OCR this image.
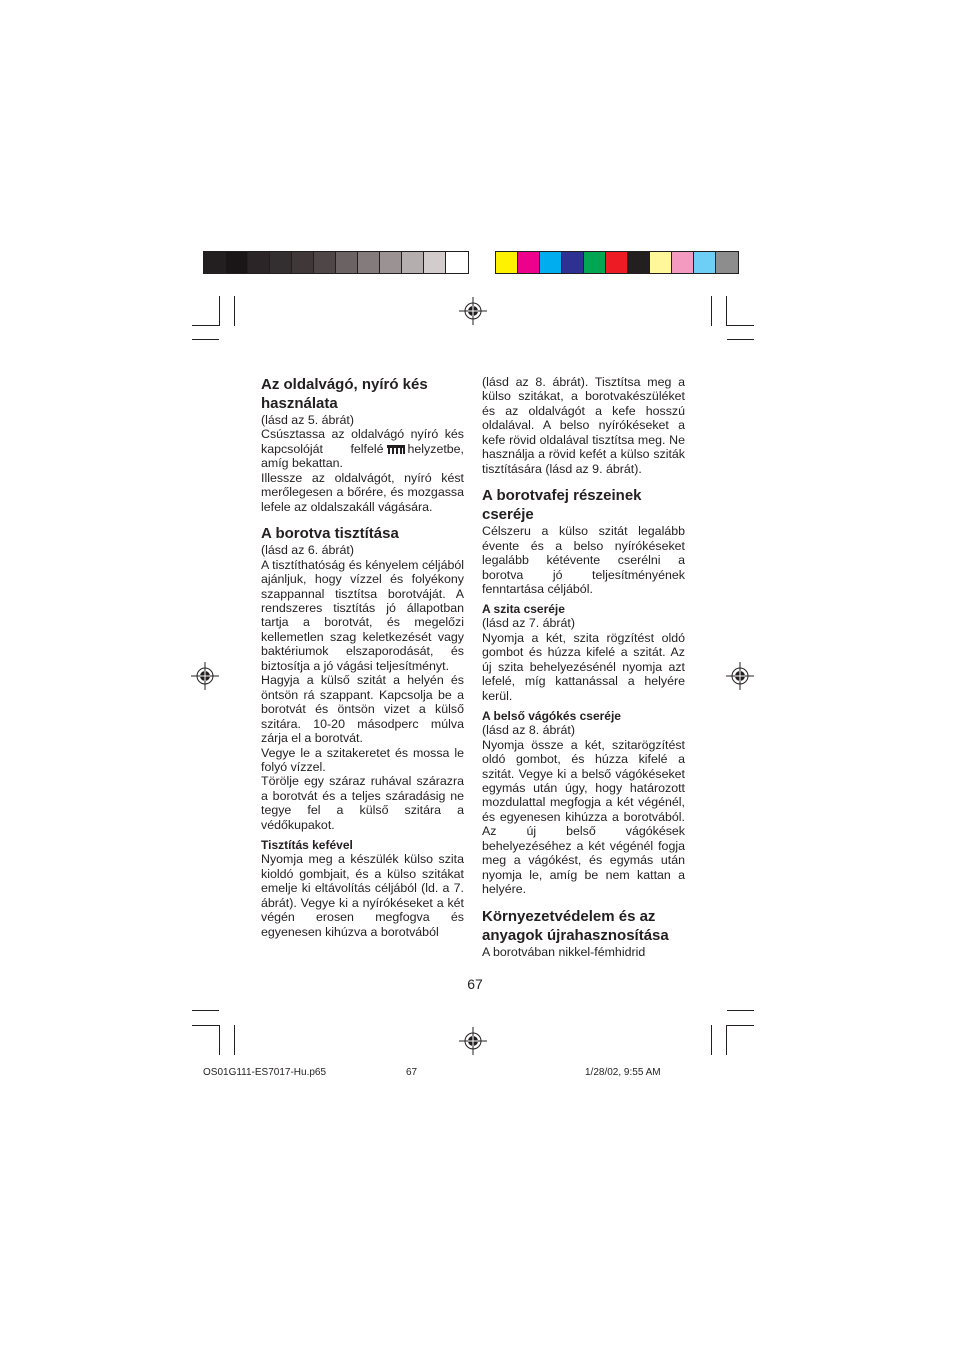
Az oldalvágó, nyíró kés használata

(lásd az 5. ábrát)

Csúsztassa az oldalvágó nyíró kés kapcsolóját felfelé helyzetbe, amíg bekattan.

Illessze az oldalvágót, nyíró kést merőlegesen a bőrére, és mozgassa lefele az oldalszakáll vágására.

A borotva tisztítása

(lásd az 6. ábrát)

A tisztíthatóság és kényelem céljából ajánljuk, hogy vízzel és folyékony szappannal tisztítsa borotváját. A rendszeres tisztítás jó állapotban tartja a borotvát, és megelőzi kellemetlen szag keletkezését vagy baktériumok elszaporodását, és biztosítja a jó vágási teljesítményt.

Hagyja a külső szitát a helyén és öntsön rá szappant. Kapcsolja be a borotvát és öntsön vizet a külső szitára. 10-20 másodperc múlva zárja el a borotvát.

Vegye le a szitakeretet és mossa le folyó vízzel.

Törölje egy száraz ruhával szárazra a borotvát és a teljes száradásig ne tegye fel a külső szitára a védőkupakot.

Tisztítás kefével

Nyomja meg a készülék külso szita kioldó gombjait, és a külso szitákat emelje ki eltávolítás céljából (ld. a 7. ábrát). Vegye ki a nyírókéseket a két végén erosen megfogva és egyenesen kihúzva a borotvából

(lásd az 8. ábrát). Tisztítsa meg a külso szitákat, a borotvakészüléket és az oldalvágót a kefe hosszú oldalával. A belso nyírókéseket a kefe rövid oldalával tisztítsa meg. Ne használja a rövid kefét a külso sziták tisztítására (lásd az 9. ábrát).

A borotvafej részeinek cseréje

Célszeru a külso szitát legalább évente és a belso nyírókéseket legalább kétévente cserélni a borotva jó teljesítményének fenntartása céljából.

A szita cseréje

(lásd az 7. ábrát)

Nyomja a két, szita rögzítést oldó gombot és húzza kifelé a szitát. Az új szita behelyezésénél nyomja azt lefelé, míg kattanással a helyére kerül.

A belső vágókés cseréje

(lásd az 8. ábrát)

Nyomja össze a két, szitarögzítést oldó gombot, és húzza kifelé a szitát. Vegye ki a belső vágókéseket egymás után úgy, hogy határozott mozdulattal megfogja a két végénél, és egyenesen kihúzza a borotvából. Az új belső vágókések behelyezéséhez a két végénél fogja meg a vágókést, és egymás után nyomja le, amíg be nem kattan a helyére.

Környezetvédelem és az anyagok újrahasznosítása

A borotvában nikkel-fémhidrid

67
OS01G111-ES7017-Hu.p65	67	1/28/02, 9:55 AM
